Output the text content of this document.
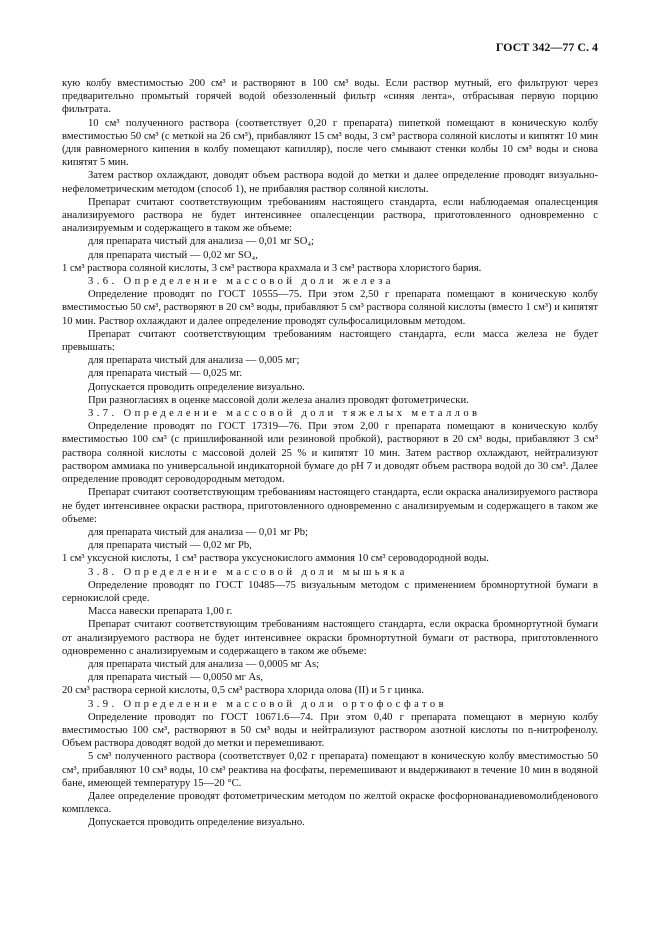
ГОСТ 342—77 С. 4

кую колбу вместимостью 200 см³ и растворяют в 100 см³ воды. Если раствор мутный, его фильтруют через предварительно промытый горячей водой обеззоленный фильтр «синяя лента», отбрасывая первую порцию фильтрата.

10 см³ полученного раствора (соответствует 0,20 г препарата) пипеткой помещают в коническую колбу вместимостью 50 см³ (с меткой на 26 см³), прибавляют 15 см³ воды, 3 см³ раствора соляной кислоты и кипятят 10 мин (для равномерного кипения в колбу помещают капилляр), после чего смывают стенки колбы 10 см³ воды и снова кипятят 5 мин.

Затем раствор охлаждают, доводят объем раствора водой до метки и далее определение проводят визуально-нефелометрическим методом (способ 1), не прибавляя раствор соляной кислоты.

Препарат считают соответствующим требованиям настоящего стандарта, если наблюдаемая опалесценция анализируемого раствора не будет интенсивнее опалесценции раствора, приготовленного одновременно с анализируемым и содержащего в таком же объеме:

для препарата чистый для анализа — 0,01 мг SO₄;

для препарата чистый — 0,02 мг SO₄,

1 см³ раствора соляной кислоты, 3 см³ раствора крахмала и 3 см³ раствора хлористого бария.

3.6. Определение массовой доли железа

Определение проводят по ГОСТ 10555—75. При этом 2,50 г препарата помещают в коническую колбу вместимостью 50 см³, растворяют в 20 см³ воды, прибавляют 5 см³ раствора соляной кислоты (вместо 1 см³) и кипятят 10 мин. Раствор охлаждают и далее определение проводят сульфосалициловым методом.

Препарат считают соответствующим требованиям настоящего стандарта, если масса железа не будет превышать:

для препарата чистый для анализа — 0,005 мг;

для препарата чистый — 0,025 мг.

Допускается проводить определение визуально.

При разногласиях в оценке массовой доли железа анализ проводят фотометрически.

3.7. Определение массовой доли тяжелых металлов

Определение проводят по ГОСТ 17319—76. При этом 2,00 г препарата помещают в коническую колбу вместимостью 100 см³ (с пришлифованной или резиновой пробкой), растворяют в 20 см³ воды, прибавляют 3 см³ раствора соляной кислоты с массовой долей 25 % и кипятят 10 мин. Затем раствор охлаждают, нейтрализуют раствором аммиака по универсальной индикаторной бумаге до pH 7 и доводят объем раствора водой до 30 см³. Далее определение проводят сероводородным методом.

Препарат считают соответствующим требованиям настоящего стандарта, если окраска анализируемого раствора не будет интенсивнее окраски раствора, приготовленного одновременно с анализируемым и содержащего в таком же объеме:

для препарата чистый для анализа — 0,01 мг Pb;

для препарата чистый — 0,02 мг Pb,

1 см³ уксусной кислоты, 1 см³ раствора уксуснокислого аммония 10 см³ сероводородной воды.

3.8. Определение массовой доли мышьяка

Определение проводят по ГОСТ 10485—75 визуальным методом с применением бромнортутной бумаги в сернокислой среде.

Масса навески препарата 1,00 г.

Препарат считают соответствующим требованиям настоящего стандарта, если окраска бромнортутной бумаги от анализируемого раствора не будет интенсивнее окраски бромнортутной бумаги от раствора, приготовленного одновременно с анализируемым и содержащего в таком же объеме:

для препарата чистый для анализа — 0,0005 мг As;

для препарата чистый — 0,0050 мг As,

20 см³ раствора серной кислоты, 0,5 см³ раствора хлорида олова (II) и 5 г цинка.

3.9. Определение массовой доли ортофосфатов

Определение проводят по ГОСТ 10671.6—74. При этом 0,40 г препарата помещают в мерную колбу вместимостью 100 см³, растворяют в 50 см³ воды и нейтрализуют раствором азотной кислоты по n-нитрофенолу. Объем раствора доводят водой до метки и перемешивают.

5 см³ полученного раствора (соответствует 0,02 г препарата) помещают в коническую колбу вместимостью 50 см³, прибавляют 10 см³ воды, 10 см³ реактива на фосфаты, перемешивают и выдерживают в течение 10 мин в водяной бане, имеющей температуру 15—20 °С.

Далее определение проводят фотометрическим методом по желтой окраске фосфорнованадиевомолибденового комплекса.

Допускается проводить определение визуально.
